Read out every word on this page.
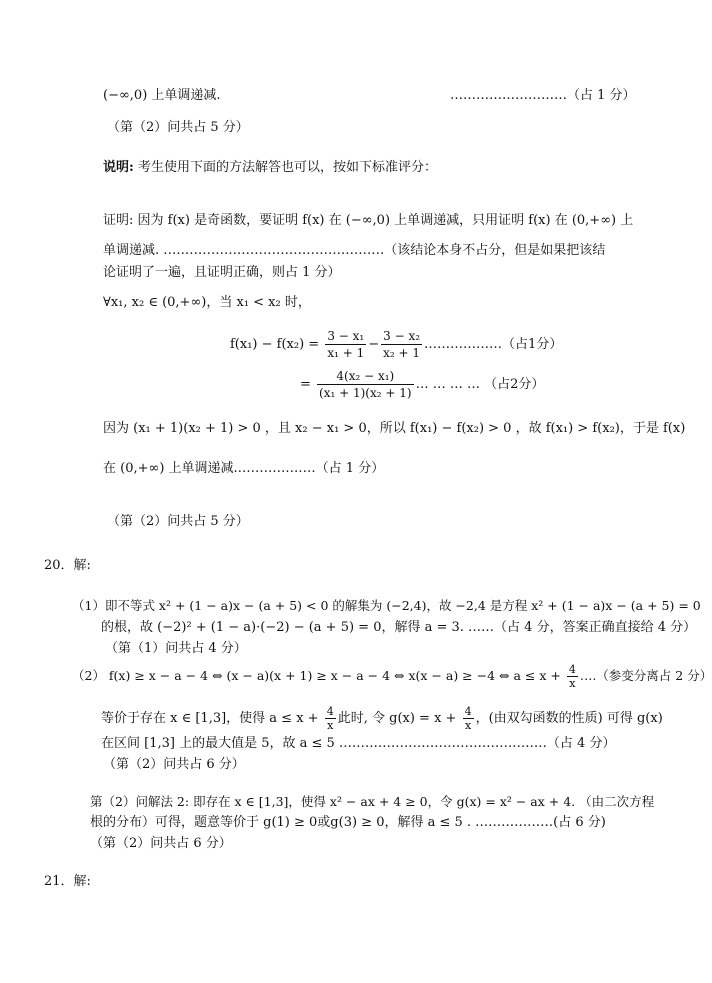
(−∞,0) 上单调递减.	………………………（占 1 分）
（第（2）问共占 5 分）
说明: 考生使用下面的方法解答也可以，按如下标准评分：
证明: 因为 f(x) 是奇函数，要证明 f(x) 在 (−∞,0) 上单调递减，只用证明 f(x) 在 (0,+∞) 上
单调递减. ……………………………………………（该结论本身不占分，但是如果把该结
论证明了一遍，且证明正确，则占 1 分）
∀x₁, x₂ ∈ (0,+∞)，当 x₁ < x₂ 时，
$f(x_1) - f(x_2) = \frac{\text{3 − x₁}}{\text{x₁ + 1}} - \frac{\text{3 − x₂}}{\text{x₂ + 1}}$ ………………（占1分）
= $\frac{\text{4(x₂ − x₁)}}{\text{(x₁ + 1)(x₂ + 1)}}$ … … … … （占2分）
因为 (x₁ + 1)(x₂ + 1) > 0 ，且 x₂ − x₁ > 0，所以 f(x₁) − f(x₂) > 0 ，故 f(x₁) > f(x₂)，于是 f(x)
在 (0,+∞) 上单调递减.………………（占 1 分）
（第（2）问共占 5 分）
20．解:
（1）即不等式 x² + (1 − a)x − (a + 5) < 0 的解集为 (−2,4)，故 −2,4 是方程 x² + (1 − a)x − (a + 5) = 0
的根，故 (−2)² + (1 − a)·(−2) − (a + 5) = 0，解得 a = 3. ……（占 4 分，答案正确直接给 4 分）
（第（1）问共占 4 分）
（2） f(x) ≥ x − a − 4 ⇔ (x − a)(x + 1) ≥ x − a − 4 ⇔ x(x − a) ≥ −4 ⇔ $a \le x + \frac{4}{x}$ ….（参变分离占 2 分）
等价于存在 x ∈ [1,3]，使得 $a \le x + \frac{4}{x}$ 此时, 令 $g(x) = x + \frac{4}{x}$ ，(由双勾函数的性质) 可得 g(x)
在区间 [1,3] 上的最大值是 5，故 a ≤ 5 …………………………………………（占 4 分）
（第（2）问共占 6 分）
第（2）问解法 2: 即存在 x ∈ [1,3]，使得 x² − ax + 4 ≥ 0，令 g(x) = x² − ax + 4. （由二次方程
根的分布）可得，题意等价于 g(1) ≥ 0或g(3) ≥ 0，解得 a ≤ 5 . ………………(占 6 分)
（第（2）问共占 6 分）
21．解:
